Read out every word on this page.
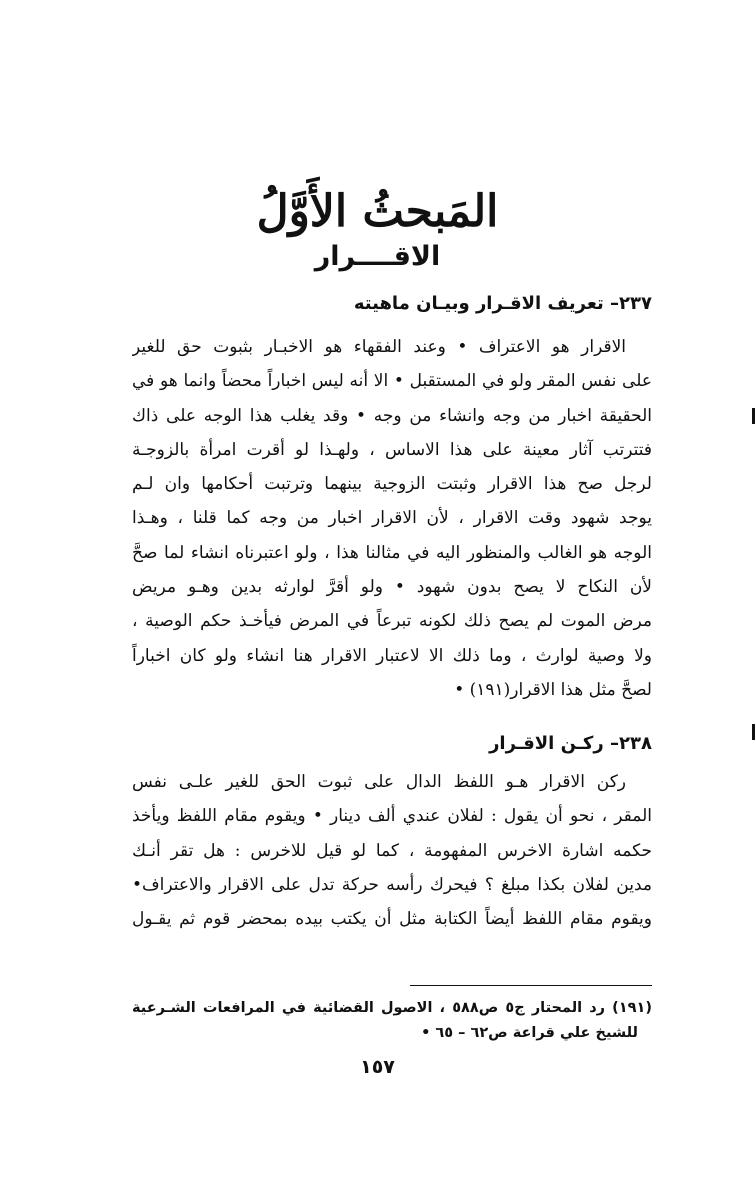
المَبحثُ الأَوَّلُ
الاقــــرار
٢٣٧– تعريف الاقـرار وبيـان ماهيته
الاقرار هو الاعتراف • وعند الفقهاء هو الاخبـار بثبوت حق للغير
على نفس المقر ولو في المستقبل • الا أنه ليس اخباراً محضاً وانما هو في
الحقيقة اخبار من وجه وانشاء من وجه • وقد يغلب هذا الوجه على ذاك
فتترتب آثار معينة على هذا الاساس ، ولهـذا لو أقرت امرأة بالزوجـة
لرجل صح هذا الاقرار وثبتت الزوجية بينهما وترتبت أحكامها وان لـم
يوجد شهود وقت الاقرار ، لأن الاقرار اخبار من وجه كما قلنا ، وهـذا
الوجه هو الغالب والمنظور اليه في مثالنا هذا ، ولو اعتبرناه انشاء لما صحَّ
لأن النكاح لا يصح بدون شهود • ولو أقرَّ لوارثه بدين وهـو مريض
مرض الموت لم يصح ذلك لكونه تبرعاً في المرض فيأخـذ حكم الوصية ،
ولا وصية لوارث ، وما ذلك الا لاعتبار الاقرار هنا انشاء ولو كان اخباراً
لصحَّ مثل هذا الاقرار(١٩١) •
٢٣٨– ركـن الاقـرار
ركن الاقرار هـو اللفظ الدال على ثبوت الحق للغير علـى نفس
المقر ، نحو أن يقول : لفلان عندي ألف دينار • ويقوم مقام اللفظ ويأخذ
حكمه اشارة الاخرس المفهومة ، كما لو قيل للاخرس : هل تقر أنـك
مدين لفلان بكذا مبلغ ؟ فيحرك رأسه حركة تدل على الاقرار والاعتراف•
ويقوم مقام اللفظ أيضاً الكتابة مثل أن يكتب بيده بمحضر قوم ثم يقـول
(١٩١) رد المحتار ج٥ ص٥٨٨ ، الاصول القضائية في المرافعات الشـرعية
للشيخ علي قراعة ص٦٢ – ٦٥ •
١٥٧
